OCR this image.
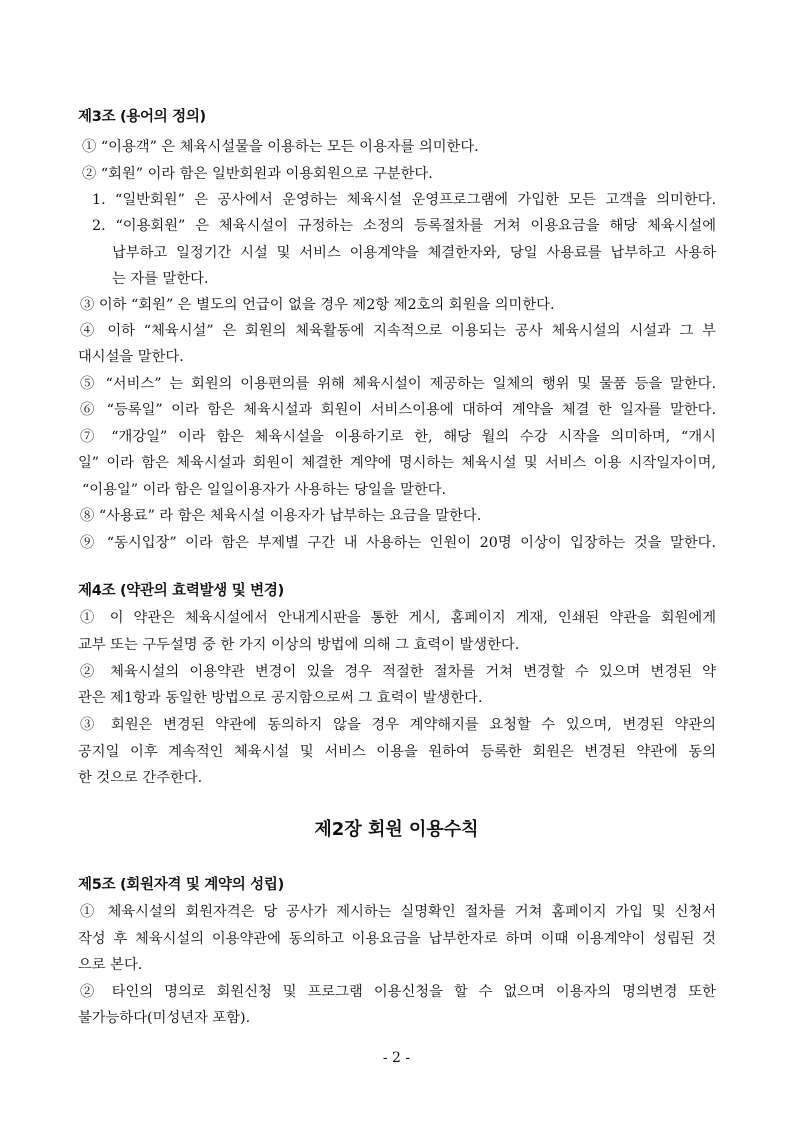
제2장 회원 이용수칙
- 2 -
제3조 (용어의 정의)
① “이용객” 은 체육시설물을 이용하는 모든 이용자를 의미한다.
② “회원” 이라 함은 일반회원과 이용회원으로 구분한다.
1. “일반회원” 은 공사에서 운영하는 체육시설 운영프로그램에 가입한 모든 고객을 의미한다.
2. “이용회원” 은 체육시설이 규정하는 소정의 등록절차를 거쳐 이용요금을 해당 체육시설에
납부하고 일정기간 시설 및 서비스 이용계약을 체결한자와, 당일 사용료를 납부하고 사용하
는 자를 말한다.
③ 이하 “회원” 은 별도의 언급이 없을 경우 제2항 제2호의 회원을 의미한다.
④ 이하 “체육시설” 은 회원의 체육활동에 지속적으로 이용되는 공사 체육시설의 시설과 그 부
대시설을 말한다.
⑤ “서비스” 는 회원의 이용편의를 위해 체육시설이 제공하는 일체의 행위 및 물품 등을 말한다.
⑥ “등록일” 이라 함은 체육시설과 회원이 서비스이용에 대하여 계약을 체결 한 일자를 말한다.
⑦ “개강일” 이라 함은 체육시설을 이용하기로 한, 해당 월의 수강 시작을 의미하며, “개시
일” 이라 함은 체육시설과 회원이 체결한 계약에 명시하는 체육시설 및 서비스 이용 시작일자이며,
“이용일” 이라 함은 일일이용자가 사용하는 당일을 말한다.
⑧ “사용료” 라 함은 체육시설 이용자가 납부하는 요금을 말한다.
⑨ “동시입장” 이라 함은 부제별 구간 내 사용하는 인원이 20명 이상이 입장하는 것을 말한다.
제4조 (약관의 효력발생 및 변경)
① 이 약관은 체육시설에서 안내게시판을 통한 게시, 홈페이지 게재, 인쇄된 약관을 회원에게
교부 또는 구두설명 중 한 가지 이상의 방법에 의해 그 효력이 발생한다.
② 체육시설의 이용약관 변경이 있을 경우 적절한 절차를 거쳐 변경할 수 있으며 변경된 약
관은 제1항과 동일한 방법으로 공지함으로써 그 효력이 발생한다.
③ 회원은 변경된 약관에 동의하지 않을 경우 계약해지를 요청할 수 있으며, 변경된 약관의
공지일 이후 계속적인 체육시설 및 서비스 이용을 원하여 등록한 회원은 변경된 약관에 동의
한 것으로 간주한다.
제5조 (회원자격 및 계약의 성립)
① 체육시설의 회원자격은 당 공사가 제시하는 실명확인 절차를 거쳐 홈페이지 가입 및 신청서
작성 후 체육시설의 이용약관에 동의하고 이용요금을 납부한자로 하며 이때 이용계약이 성립된 것
으로 본다.
② 타인의 명의로 회원신청 및 프로그램 이용신청을 할 수 없으며 이용자의 명의변경 또한
불가능하다(미성년자 포함).
